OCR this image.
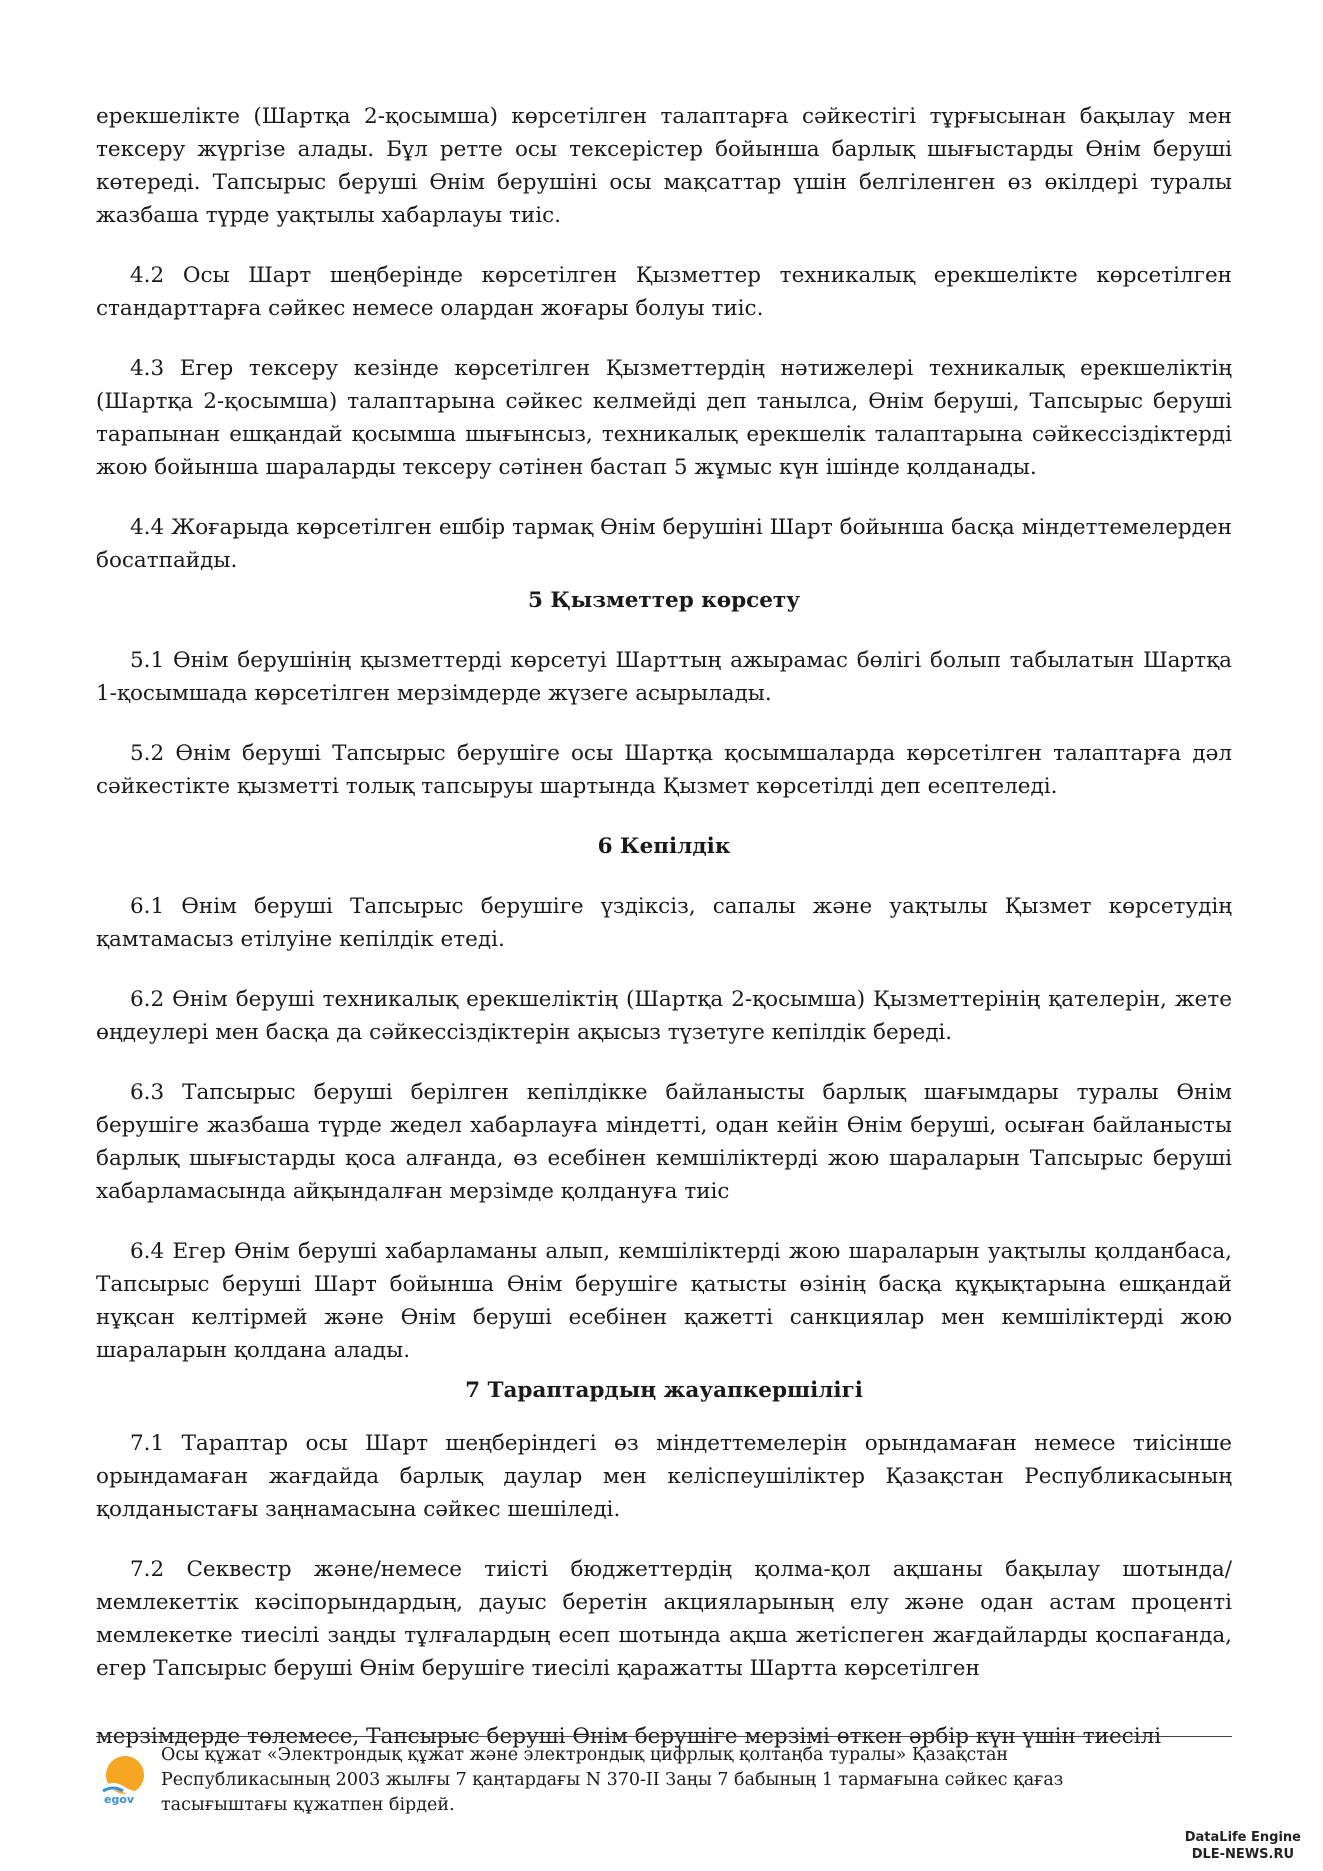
ерекшелікте (Шартқа 2-қосымша) көрсетілген талаптарға сәйкестігі тұрғысынан бақылау мен тексеру жүргізе алады. Бұл ретте осы тексерістер бойынша барлық шығыстарды Өнім беруші көтереді. Тапсырыс беруші Өнім берушіні осы мақсаттар үшін белгіленген өз өкілдері туралы жазбаша түрде уақтылы хабарлауы тиіс.

4.2 Осы Шарт шеңберінде көрсетілген Қызметтер техникалық ерекшелікте көрсетілген стандарттарға сәйкес немесе олардан жоғары болуы тиіс.

4.3 Егер тексеру кезінде көрсетілген Қызметтердің нәтижелері техникалық ерекшеліктің (Шартқа 2-қосымша) талаптарына сәйкес келмейді деп танылса, Өнім беруші, Тапсырыс беруші тарапынан ешқандай қосымша шығынсыз, техникалық ерекшелік талаптарына сәйкессіздіктерді жою бойынша шараларды тексеру сәтінен бастап 5 жұмыс күн ішінде қолданады.

4.4 Жоғарыда көрсетілген ешбір тармақ Өнім берушіні Шарт бойынша басқа міндеттемелерден босатпайды.

5 Қызметтер көрсету

5.1 Өнім берушінің қызметтерді көрсетуі Шарттың ажырамас бөлігі болып табылатын Шартқа 1-қосымшада көрсетілген мерзімдерде жүзеге асырылады.

5.2 Өнім беруші Тапсырыс берушіге осы Шартқа қосымшаларда көрсетілген талаптарға дәл сәйкестікте қызметті толық тапсыруы шартында Қызмет көрсетілді деп есептеледі.

6 Кепілдік

6.1 Өнім беруші Тапсырыс берушіге үздіксіз, сапалы және уақтылы Қызмет көрсетудің қамтамасыз етілуіне кепілдік етеді.

6.2 Өнім беруші техникалық ерекшеліктің (Шартқа 2-қосымша) Қызметтерінің қателерін, жете өңдеулері мен басқа да сәйкессіздіктерін ақысыз түзетуге кепілдік береді.

6.3 Тапсырыс беруші берілген кепілдікке байланысты барлық шағымдары туралы Өнім берушіге жазбаша түрде жедел хабарлауға міндетті, одан кейін Өнім беруші, осыған байланысты барлық шығыстарды қоса алғанда, өз есебінен кемшіліктерді жою шараларын Тапсырыс беруші хабарламасында айқындалған мерзімде қолдануға тиіс

6.4 Егер Өнім беруші хабарламаны алып, кемшіліктерді жою шараларын уақтылы қолданбаса, Тапсырыс беруші Шарт бойынша Өнім берушіге қатысты өзінің басқа құқықтарына ешқандай нұқсан келтірмей және Өнім беруші есебінен қажетті санкциялар мен кемшіліктерді жою шараларын қолдана алады.

7 Тараптардың жауапкершілігі

7.1 Тараптар осы Шарт шеңберіндегі өз міндеттемелерін орындамаған немесе тиісінше орындамаған жағдайда барлық даулар мен келіспеушіліктер Қазақстан Республикасының қолданыстағы заңнамасына сәйкес шешіледі.

7.2 Секвестр және/немесе тиісті бюджеттердің қолма-қол ақшаны бақылау шотында/мемлекеттік кәсіпорындардың, дауыс беретін акцияларының елу және одан астам проценті мемлекетке тиесілі заңды тұлғалардың есеп шотында ақша жетіспеген жағдайларды қоспағанда, егер Тапсырыс беруші Өнім берушіге тиесілі қаражатты Шартта көрсетілген

мерзімдерде төлемесе, Тапсырыс беруші Өнім берушіге мерзімі өткен әрбір күн үшін тиесілі
egov
Осы құжат «Электрондық құжат және электрондық цифрлық қолтаңба туралы» Қазақстан Республикасының 2003 жылғы 7 қаңтардағы N 370-II Заңы 7 бабының 1 тармағына сәйкес қағаз тасығыштағы құжатпен бірдей.
DataLife Engine
DLE-NEWS.RU
